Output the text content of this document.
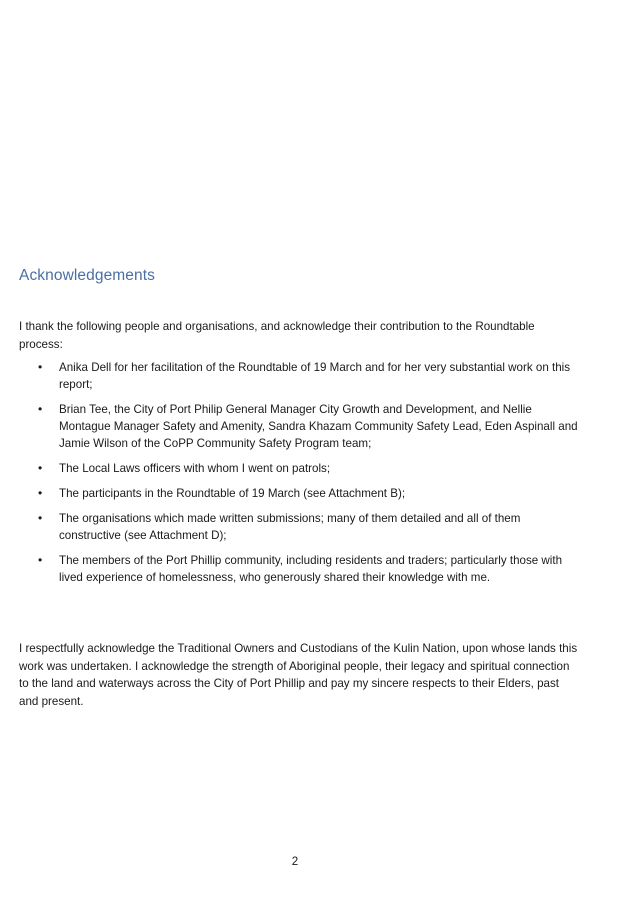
Acknowledgements

I thank the following people and organisations, and acknowledge their contribution to the Roundtable process:

• Anika Dell for her facilitation of the Roundtable of 19 March and for her very substantial work on this report;
• Brian Tee, the City of Port Philip General Manager City Growth and Development, and Nellie Montague Manager Safety and Amenity, Sandra Khazam Community Safety Lead, Eden Aspinall and Jamie Wilson of the CoPP Community Safety Program team;
• The Local Laws officers with whom I went on patrols;
• The participants in the Roundtable of 19 March (see Attachment B);
• The organisations which made written submissions; many of them detailed and all of them constructive (see Attachment D);
• The members of the Port Phillip community, including residents and traders; particularly those with lived experience of homelessness, who generously shared their knowledge with me.

I respectfully acknowledge the Traditional Owners and Custodians of the Kulin Nation, upon whose lands this work was undertaken. I acknowledge the strength of Aboriginal people, their legacy and spiritual connection to the land and waterways across the City of Port Phillip and pay my sincere respects to their Elders, past and present.

2
